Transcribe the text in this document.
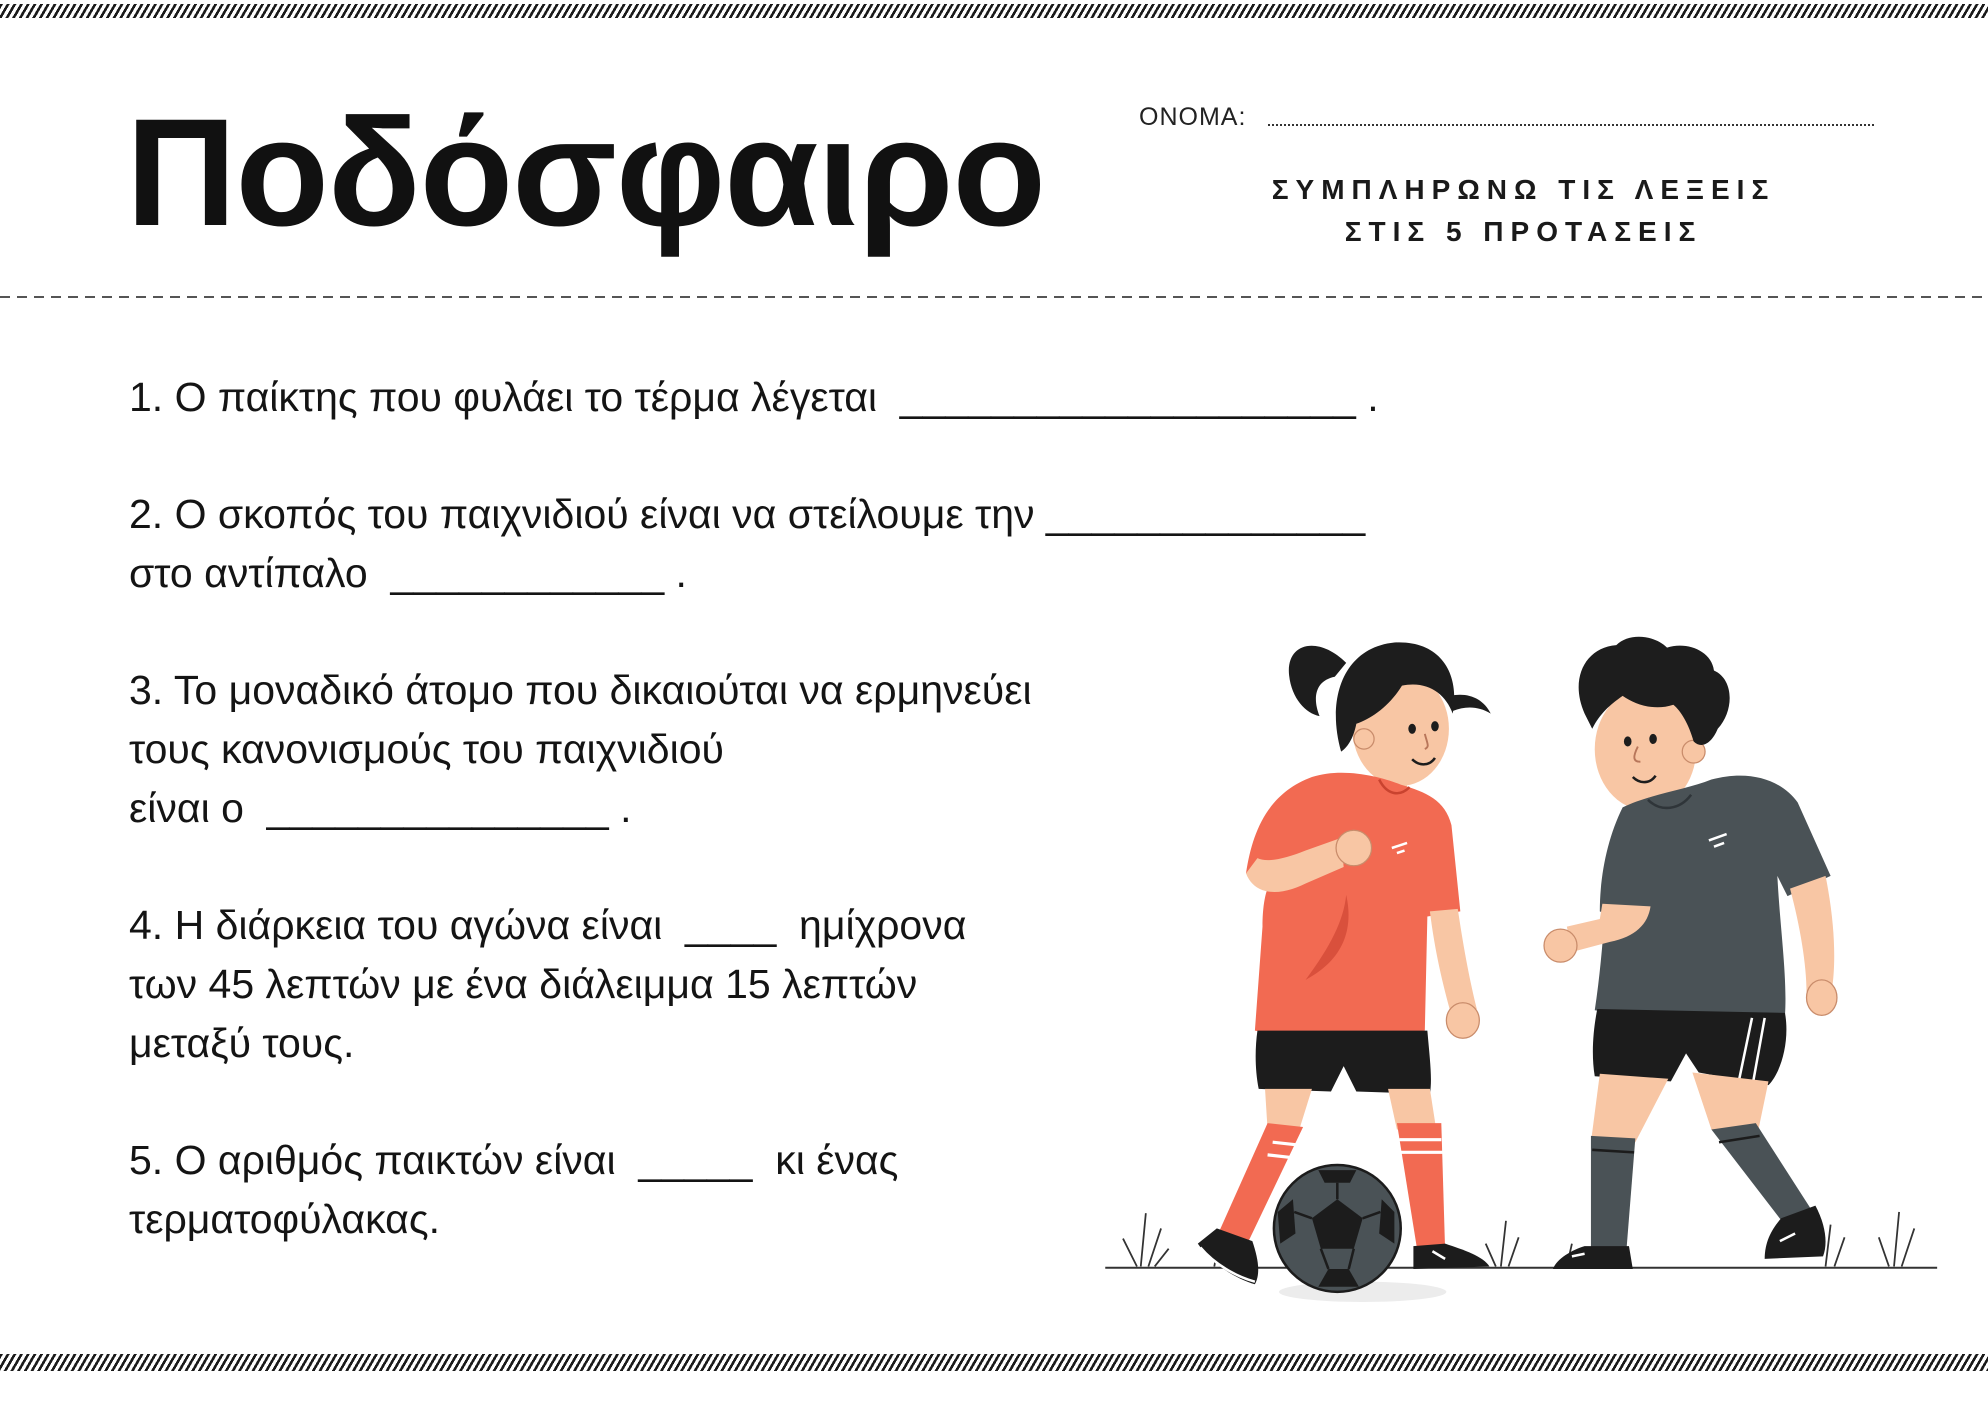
Ποδόσφαιρο	ΟΝΟΜΑ:
ΣΥΜΠΛΗΡΩΝΩ ΤΙΣ ΛΕΞΕΙΣ
ΣΤΙΣ 5 ΠΡΟΤΑΣΕΙΣ
1. Ο παίκτης που φυλάει το τέρμα λέγεται  ____________________ .
2. Ο σκοπός του παιχνιδιού είναι να στείλουμε την ______________
στο αντίπαλο  ____________ .
3. Το μοναδικό άτομο που δικαιούται να ερμηνεύει
τους κανονισμούς του παιχνιδιού
είναι ο  _______________ .
4. Η διάρκεια του αγώνα είναι  ____  ημίχρονα
των 45 λεπτών με ένα διάλειμμα 15 λεπτών
μεταξύ τους.
5. Ο αριθμός παικτών είναι  _____  κι ένας
τερματοφύλακας.
